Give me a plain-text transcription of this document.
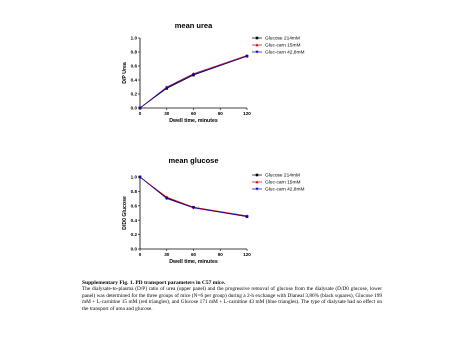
mean urea
0.0
0.2
0.4
0.6
0.8
1.0
0	30	60	90	120
Dwell time, minutes
D/P Urea
Glucose 214mM
Gluc-carn 15mM
Gluc-carn 42,8mM
mean glucose
0.0
0.2
0.4
0.6
0.8
1.0
0	30	60	90	120
Dwell time, minutes
D/D0 Glucose
Glucose 214mM
Gluc-carn 15mM
Gluc-carn 42,8mM
Supplementary Fig. 1. PD transport parameters in C57 mice.
The dialysate-to-plasma (D/P) ratio of urea (upper panel) and the progressive removal of glucose from the dialysate (D/D0 glucose, lower panel) was determined for the three groups of mice (N=6 per group) during a 2-h exchange with Dianeal 3,86% (black squares), Glucose 199 mM + L-carnitine 15 mM (red triangles), and Glucose 171 mM + L-carnitine 43 mM (blue triangles). The type of dialysate had no effect on the transport of urea and glucose.
